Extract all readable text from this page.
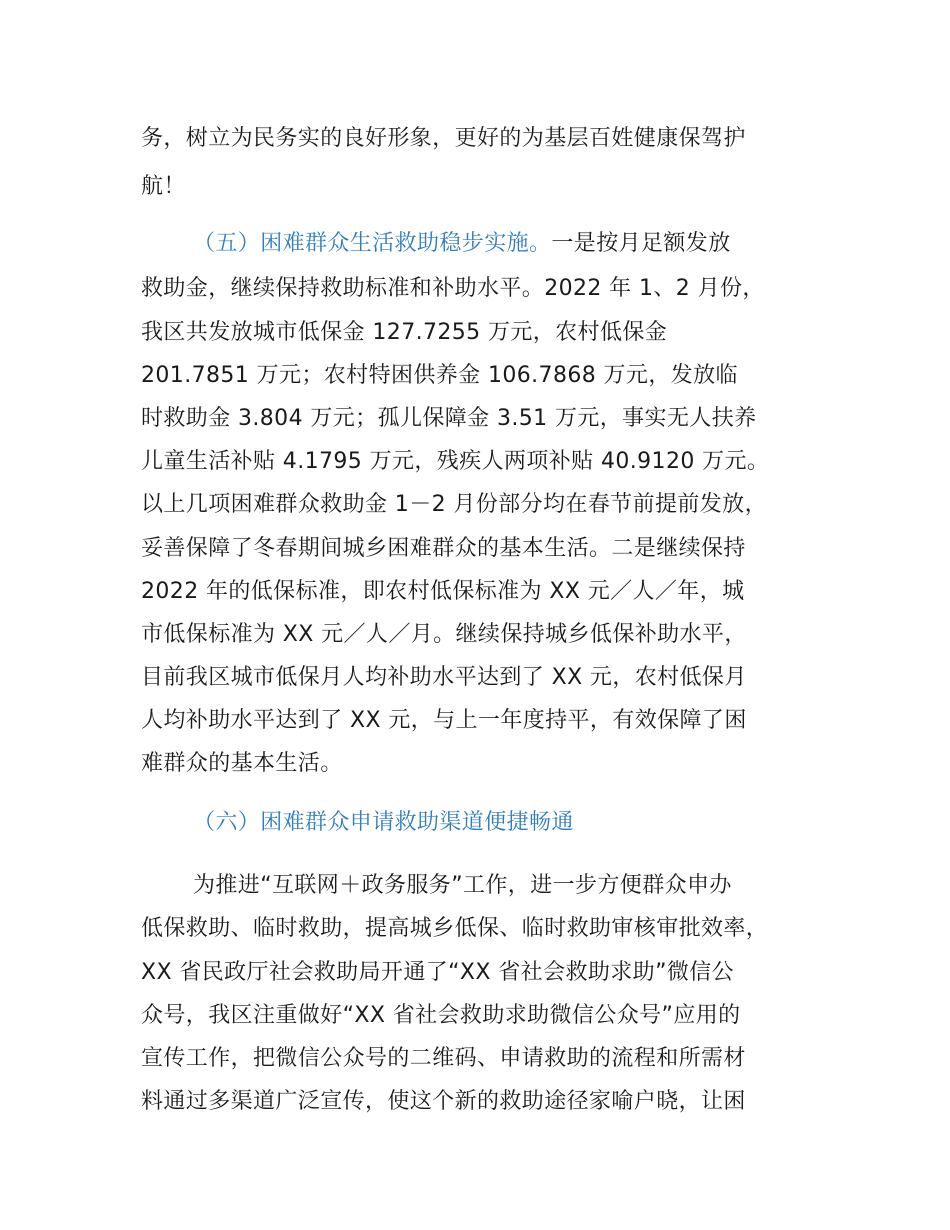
务，树立为民务实的良好形象，更好的为基层百姓健康保驾护
航！
（五）困难群众生活救助稳步实施。一是按月足额发放
救助金，继续保持救助标准和补助水平。2022 年 1、2 月份，
我区共发放城市低保金 127.7255 万元，农村低保金
201.7851 万元；农村特困供养金 106.7868 万元，发放临
时救助金 3.804 万元；孤儿保障金 3.51 万元，事实无人扶养
儿童生活补贴 4.1795 万元，残疾人两项补贴 40.9120 万元。
以上几项困难群众救助金 1－2 月份部分均在春节前提前发放，
妥善保障了冬春期间城乡困难群众的基本生活。二是继续保持
2022 年的低保标准，即农村低保标准为 XX 元／人／年，城
市低保标准为 XX 元／人／月。继续保持城乡低保补助水平，
目前我区城市低保月人均补助水平达到了 XX 元，农村低保月
人均补助水平达到了 XX 元，与上一年度持平，有效保障了困
难群众的基本生活。
（六）困难群众申请救助渠道便捷畅通
为推进“互联网＋政务服务”工作，进一步方便群众申办
低保救助、临时救助，提高城乡低保、临时救助审核审批效率，
XX 省民政厅社会救助局开通了“XX 省社会救助求助”微信公
众号，我区注重做好“XX 省社会救助求助微信公众号”应用的
宣传工作，把微信公众号的二维码、申请救助的流程和所需材
料通过多渠道广泛宣传，使这个新的救助途径家喻户晓，让困
